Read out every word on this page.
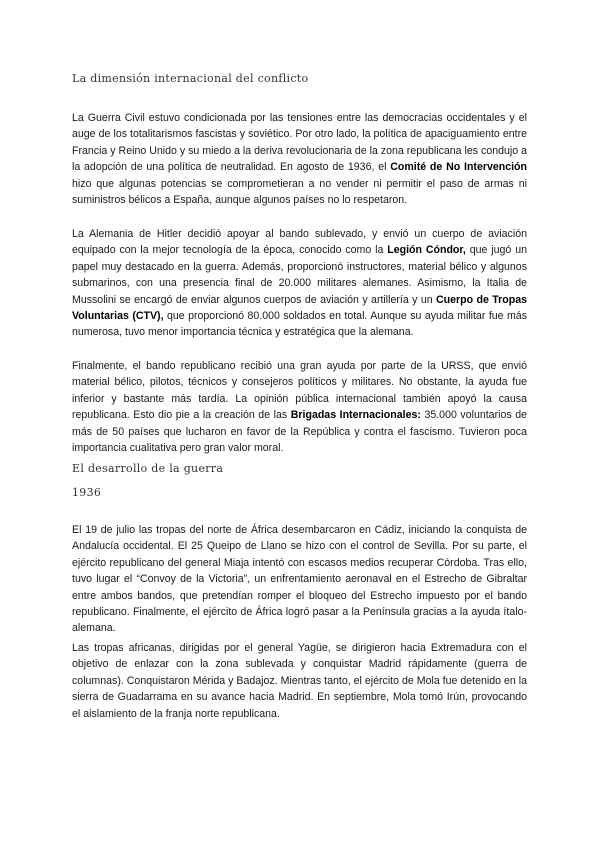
La dimensión internacional del conflicto

La Guerra Civil estuvo condicionada por las tensiones entre las democracias occidentales y el auge de los totalitarismos fascistas y soviético. Por otro lado, la política de apaciguamiento entre Francia y Reino Unido y su miedo a la deriva revolucionaria de la zona republicana les condujo a la adopción de una política de neutralidad. En agosto de 1936, el Comité de No Intervención hizo que algunas potencias se comprometieran a no vender ni permitir el paso de armas ni suministros bélicos a España, aunque algunos países no lo respetaron.

La Alemania de Hitler decidió apoyar al bando sublevado, y envió un cuerpo de aviación equipado con la mejor tecnología de la época, conocido como la Legión Cóndor, que jugó un papel muy destacado en la guerra. Además, proporcionó instructores, material bélico y algunos submarinos, con una presencia final de 20.000 militares alemanes. Asimismo, la Italia de Mussolini se encargó de enviar algunos cuerpos de aviación y artillería y un Cuerpo de Tropas Voluntarias (CTV), que proporcionó 80.000 soldados en total. Aunque su ayuda militar fue más numerosa, tuvo menor importancia técnica y estratégica que la alemana.

Finalmente, el bando republicano recibió una gran ayuda por parte de la URSS, que envió material bélico, pilotos, técnicos y consejeros políticos y militares. No obstante, la ayuda fue inferior y bastante más tardía. La opinión pública internacional también apoyó la causa republicana. Esto dio pie a la creación de las Brigadas Internacionales: 35.000 voluntarios de más de 50 países que lucharon en favor de la República y contra el fascismo. Tuvieron poca importancia cualitativa pero gran valor moral.

El desarrollo de la guerra
1936

El 19 de julio las tropas del norte de África desembarcaron en Cádiz, iniciando la conquista de Andalucía occidental. El 25 Queipo de Llano se hizo con el control de Sevilla. Por su parte, el ejército republicano del general Miaja intentó con escasos medios recuperar Córdoba. Tras ello, tuvo lugar el “Convoy de la Victoria”, un enfrentamiento aeronaval en el Estrecho de Gibraltar entre ambos bandos, que pretendían romper el bloqueo del Estrecho impuesto por el bando republicano. Finalmente, el ejército de África logró pasar a la Península gracias a la ayuda ítalo-alemana.

Las tropas africanas, dirigidas por el general Yagüe, se dirigieron hacia Extremadura con el objetivo de enlazar con la zona sublevada y conquistar Madrid rápidamente (guerra de columnas). Conquistaron Mérida y Badajoz. Mientras tanto, el ejército de Mola fue detenido en la sierra de Guadarrama en su avance hacia Madrid. En septiembre, Mola tomó Irún, provocando el aislamiento de la franja norte republicana.
